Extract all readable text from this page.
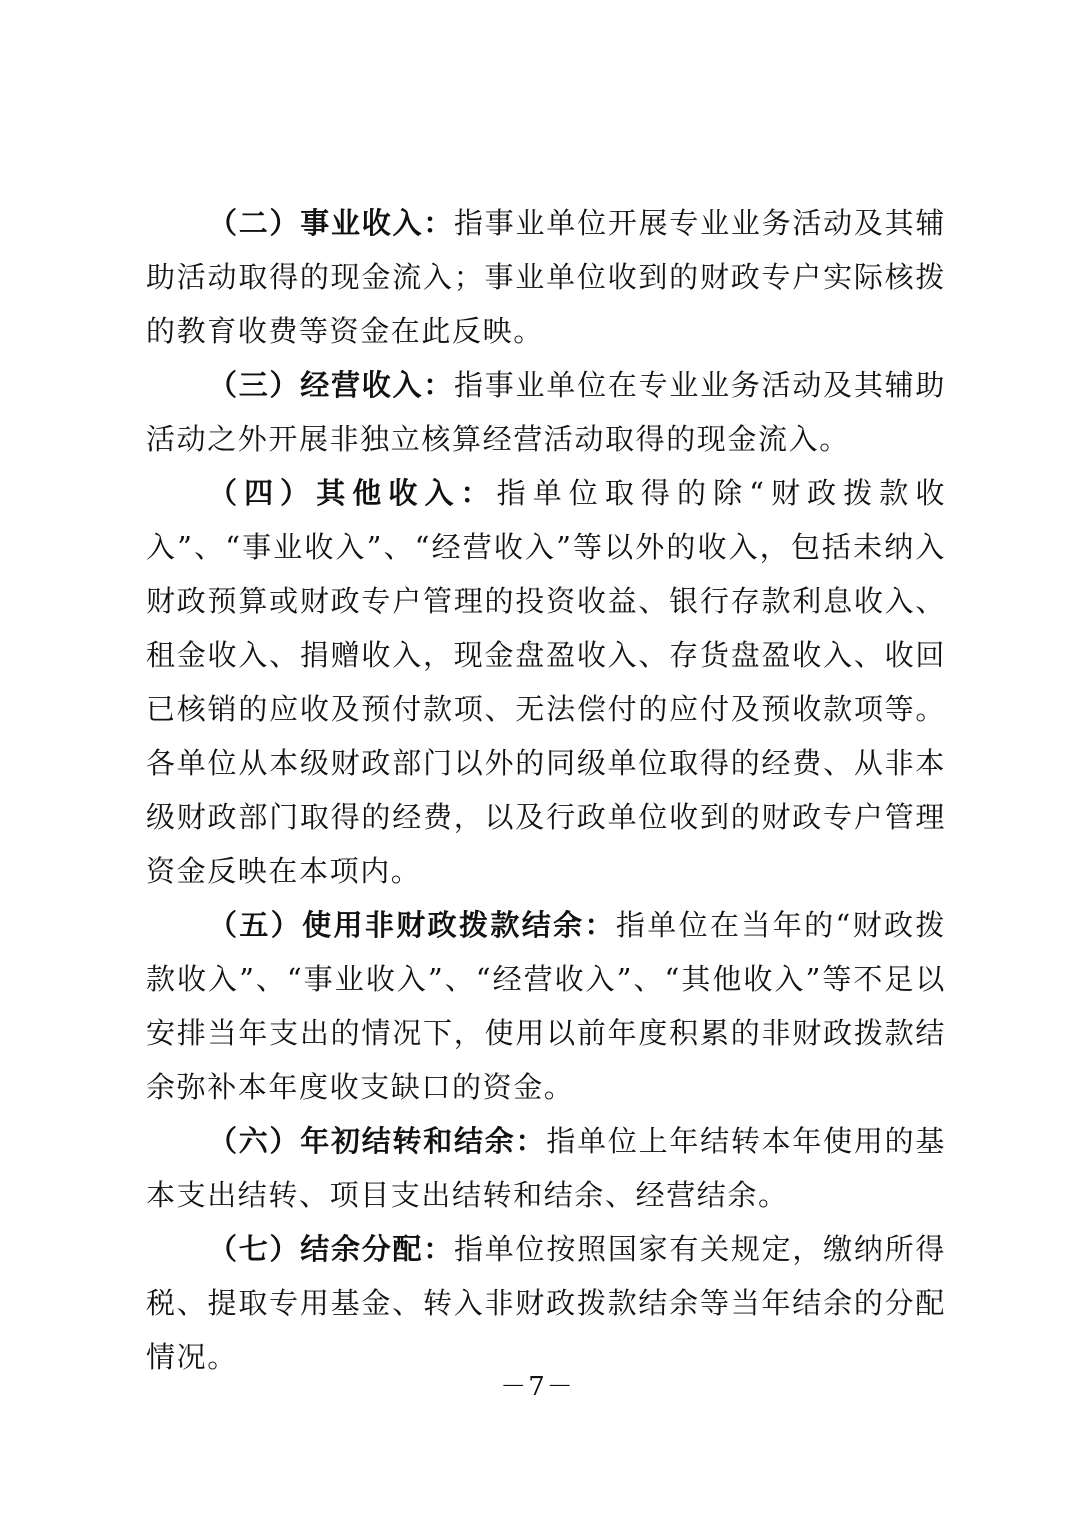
（二）事业收入：指事业单位开展专业业务活动及其辅助活动取得的现金流入；事业单位收到的财政专户实际核拨的教育收费等资金在此反映。

（三）经营收入：指事业单位在专业业务活动及其辅助活动之外开展非独立核算经营活动取得的现金流入。

（四）其他收入：指单位取得的除“财政拨款收入”、“事业收入”、“经营收入”等以外的收入，包括未纳入财政预算或财政专户管理的投资收益、银行存款利息收入、租金收入、捐赠收入，现金盘盈收入、存货盘盈收入、收回已核销的应收及预付款项、无法偿付的应付及预收款项等。各单位从本级财政部门以外的同级单位取得的经费、从非本级财政部门取得的经费，以及行政单位收到的财政专户管理资金反映在本项内。

（五）使用非财政拨款结余：指单位在当年的“财政拨款收入”、“事业收入”、“经营收入”、“其他收入”等不足以安排当年支出的情况下，使用以前年度积累的非财政拨款结余弥补本年度收支缺口的资金。

（六）年初结转和结余：指单位上年结转本年使用的基本支出结转、项目支出结转和结余、经营结余。

（七）结余分配：指单位按照国家有关规定，缴纳所得税、提取专用基金、转入非财政拨款结余等当年结余的分配情况。

－7－
